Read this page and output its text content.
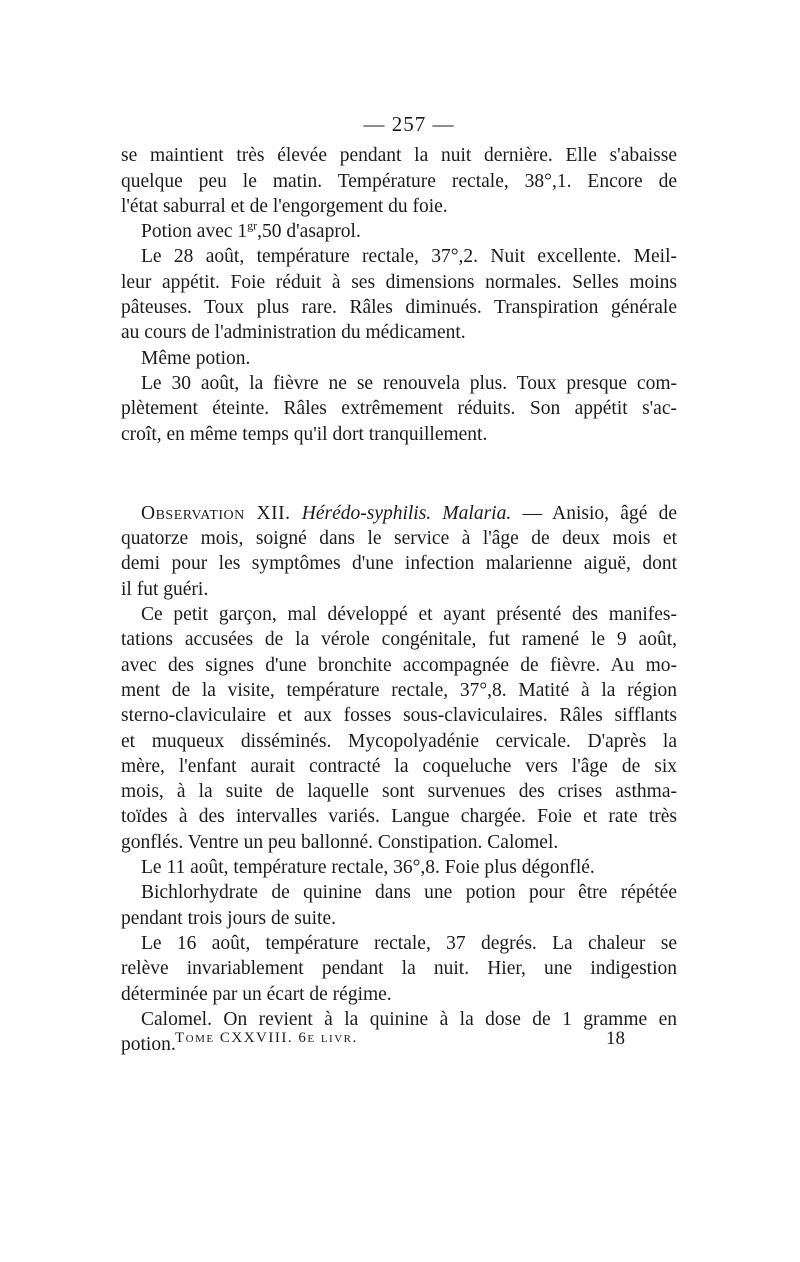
— 257 —
se maintient très élevée pendant la nuit dernière. Elle s'abaisse
quelque peu le matin. Température rectale, 38°,1. Encore de
l'état saburral et de l'engorgement du foie.
Potion avec $1^{gr},50$ d'asaprol.
Le 28 août, température rectale, 37°,2. Nuit excellente. Meil-
leur appétit. Foie réduit à ses dimensions normales. Selles moins
pâteuses. Toux plus rare. Râles diminués. Transpiration générale
au cours de l'administration du médicament.
Même potion.
Le 30 août, la fièvre ne se renouvela plus. Toux presque com-
plètement éteinte. Râles extrêmement réduits. Son appétit s'ac-
croît, en même temps qu'il dort tranquillement.
Observation XII. Hérédo-syphilis. Malaria. — Anisio, âgé de
quatorze mois, soigné dans le service à l'âge de deux mois et
demi pour les symptômes d'une infection malarienne aiguë, dont
il fut guéri.
Ce petit garçon, mal développé et ayant présenté des manifes-
tations accusées de la vérole congénitale, fut ramené le 9 août,
avec des signes d'une bronchite accompagnée de fièvre. Au mo-
ment de la visite, température rectale, 37°,8. Matité à la région
sterno-claviculaire et aux fosses sous-claviculaires. Râles sifflants
et muqueux disséminés. Mycopolyadénie cervicale. D'après la
mère, l'enfant aurait contracté la coqueluche vers l'âge de six
mois, à la suite de laquelle sont survenues des crises asthma-
toïdes à des intervalles variés. Langue chargée. Foie et rate très
gonflés. Ventre un peu ballonné. Constipation. Calomel.
Le 11 août, température rectale, 36°,8. Foie plus dégonflé.
Bichlorhydrate de quinine dans une potion pour être répétée
pendant trois jours de suite.
Le 16 août, température rectale, 37 degrés. La chaleur se
relève invariablement pendant la nuit. Hier, une indigestion
déterminée par un écart de régime.
Calomel. On revient à la quinine à la dose de 1 gramme en
potion. Tome CXXVIII. 6e livr.	18
